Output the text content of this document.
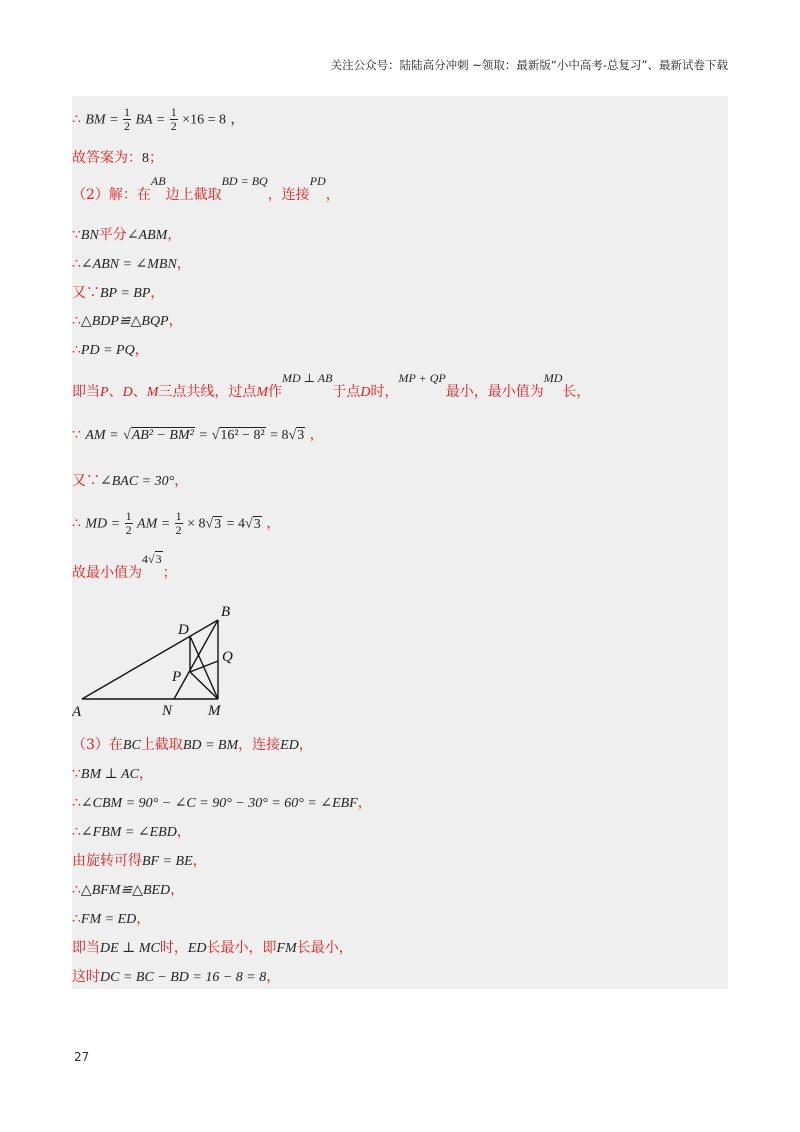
关注公众号：陆陆高分冲刺 ~领取：最新版“小中高考-总复习”、最新试卷下载
∴ BM = $\frac{1}{2}$ BA = $\frac{1}{2} \times 16 = 8$ ，
故答案为：8；
（2）解：在AB边上截取BD = BQ，连接PD，
∵BN平分∠ABM，
∴∠ABN = ∠MBN，
又∵BP = BP，
∴△BDP≌△BQP，
∴PD = PQ，
即当P、D、M三点共线，过点M作MD ⊥ AB于点D时，MP + QP最小，最小值为MD长，
∵ AM = √AB² − BM² = √16² − 8² = 8√3 ，
又∵∠BAC = 30°，
∴ MD = $\frac{1}{2}$ AM = $\frac{1}{2} \times 8√3 = 4√3$ ，
故最小值为4√3；
A
B
D
Q
P
N M
（3）在BC上截取BD = BM，连接ED，
∵BM ⊥ AC，
∴∠CBM = 90° − ∠C = 90° − 30° = 60° = ∠EBF，
∴∠FBM = ∠EBD，
由旋转可得BF = BE，
∴△BFM≌△BED，
∴FM = ED，
即当DE ⊥ MC时，ED长最小，即FM长最小，
这时DC = BC − BD = 16 − 8 = 8，
27
